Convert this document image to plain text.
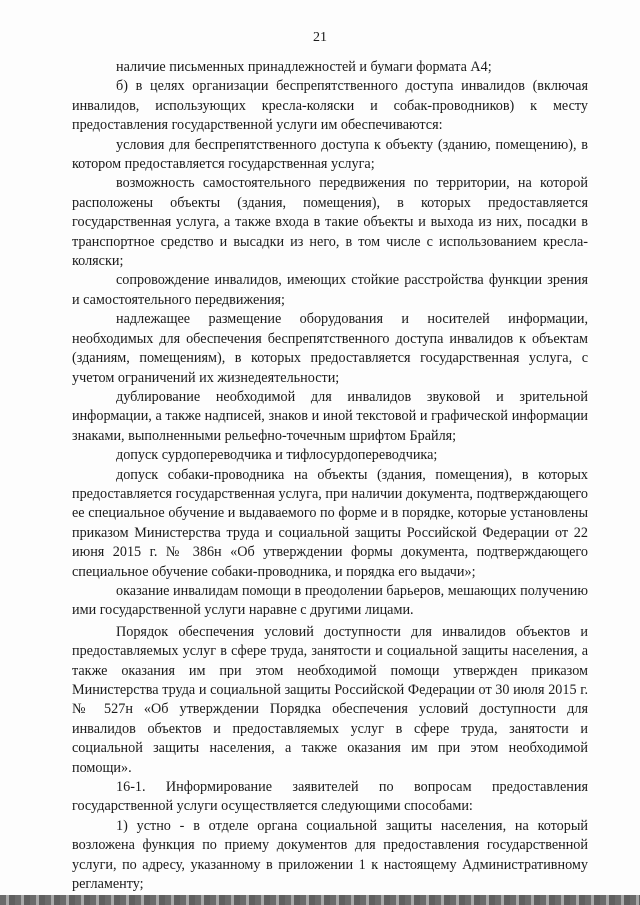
21

наличие письменных принадлежностей и бумаги формата А4;

б) в целях организации беспрепятственного доступа инвалидов (включая инвалидов, использующих кресла-коляски и собак-проводников) к месту предоставления государственной услуги им обеспечиваются:

условия для беспрепятственного доступа к объекту (зданию, помещению), в котором предоставляется государственная услуга;

возможность самостоятельного передвижения по территории, на которой расположены объекты (здания, помещения), в которых предоставляется государственная услуга, а также входа в такие объекты и выхода из них, посадки в транспортное средство и высадки из него, в том числе с использованием кресла-коляски;

сопровождение инвалидов, имеющих стойкие расстройства функции зрения и самостоятельного передвижения;

надлежащее размещение оборудования и носителей информации, необходимых для обеспечения беспрепятственного доступа инвалидов к объектам (зданиям, помещениям), в которых предоставляется государственная услуга, с учетом ограничений их жизнедеятельности;

дублирование необходимой для инвалидов звуковой и зрительной информации, а также надписей, знаков и иной текстовой и графической информации знаками, выполненными рельефно-точечным шрифтом Брайля;

допуск сурдопереводчика и тифлосурдопереводчика;

допуск собаки-проводника на объекты (здания, помещения), в которых предоставляется государственная услуга, при наличии документа, подтверждающего ее специальное обучение и выдаваемого по форме и в порядке, которые установлены приказом Министерства труда и социальной защиты Российской Федерации от 22 июня 2015 г. № 386н «Об утверждении формы документа, подтверждающего специальное обучение собаки-проводника, и порядка его выдачи»;

оказание инвалидам помощи в преодолении барьеров, мешающих получению ими государственной услуги наравне с другими лицами.

Порядок обеспечения условий доступности для инвалидов объектов и предоставляемых услуг в сфере труда, занятости и социальной защиты населения, а также оказания им при этом необходимой помощи утвержден приказом Министерства труда и социальной защиты Российской Федерации от 30 июля 2015 г. № 527н «Об утверждении Порядка обеспечения условий доступности для инвалидов объектов и предоставляемых услуг в сфере труда, занятости и социальной защиты населения, а также оказания им при этом необходимой помощи».

16-1. Информирование заявителей по вопросам предоставления государственной услуги осуществляется следующими способами:

1) устно - в отделе органа социальной защиты населения, на который возложена функция по приему документов для предоставления государственной услуги, по адресу, указанному в приложении 1 к настоящему Административному регламенту;
